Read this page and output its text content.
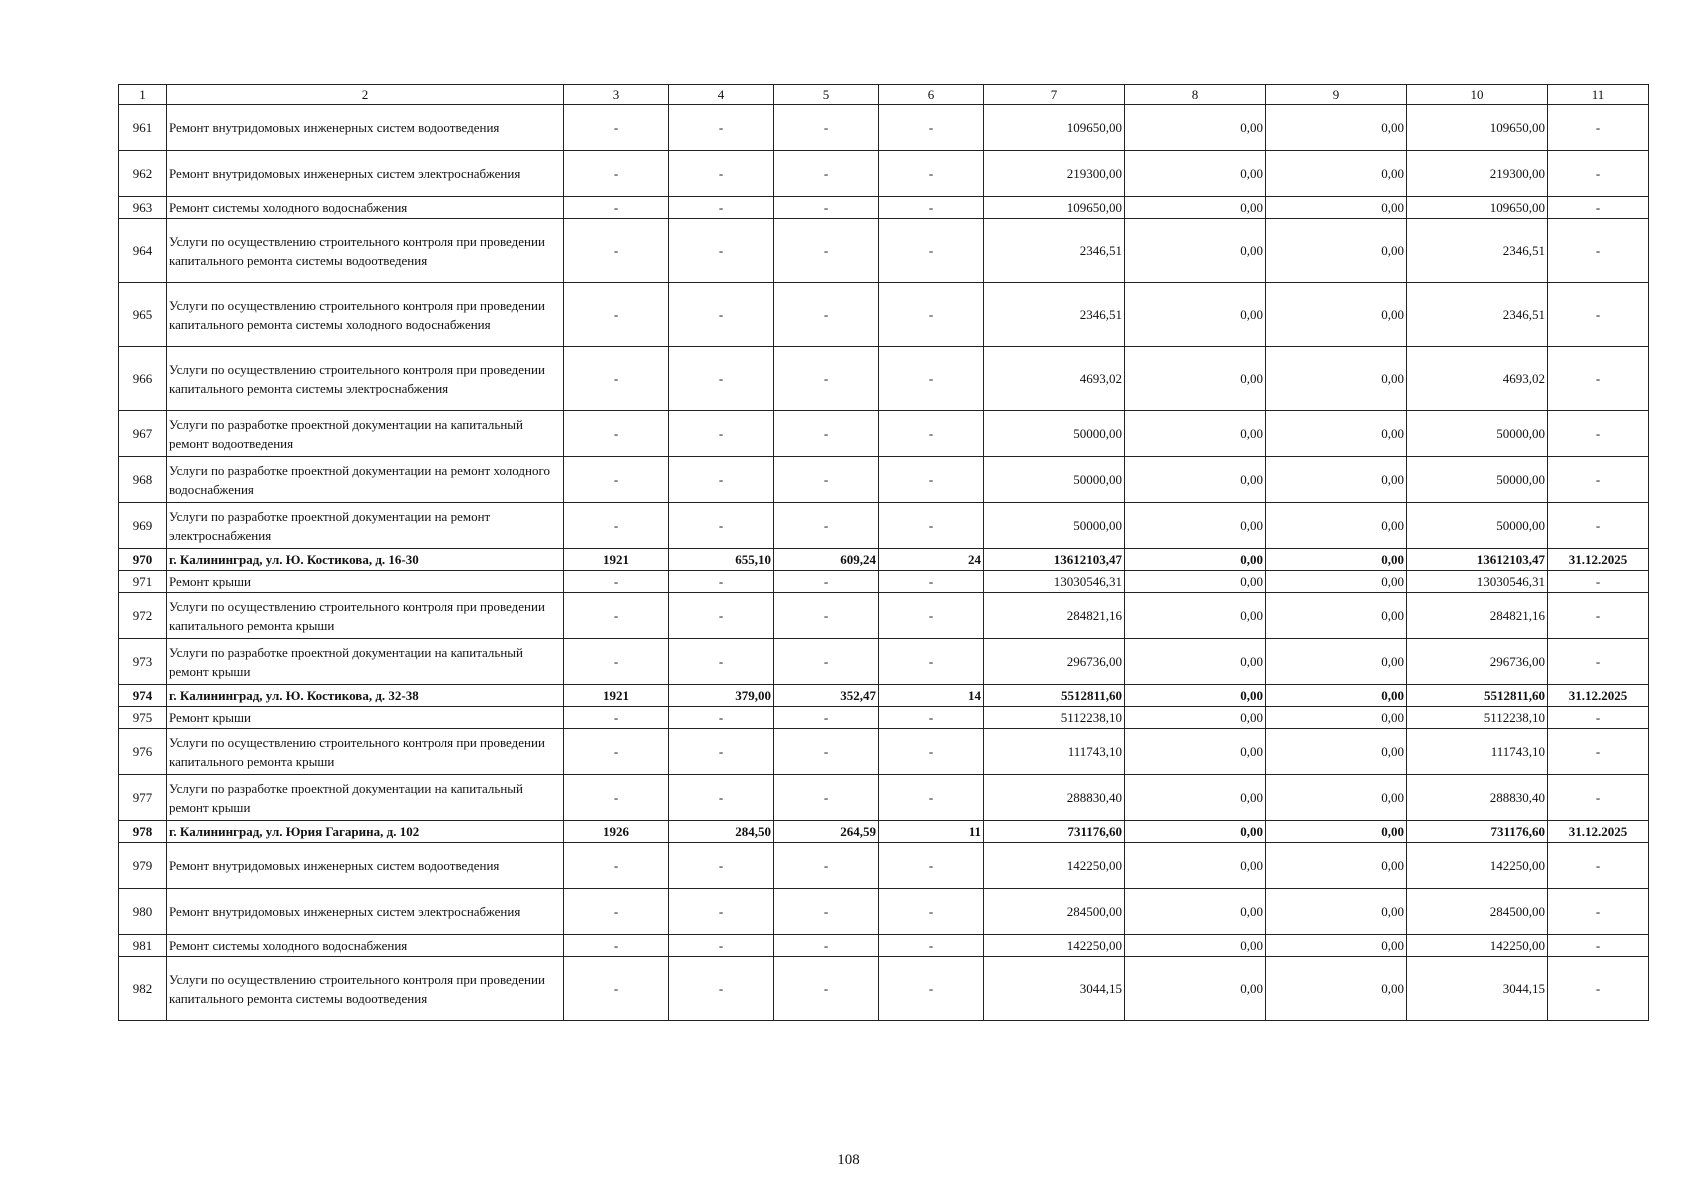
1	2	3	4	5	6	7	8	9	10	11
961	Ремонт внутридомовых инженерных систем водоотведения	-	-	-	-	109650,00	0,00	0,00	109650,00	-
962	Ремонт внутридомовых инженерных систем электроснабжения	-	-	-	-	219300,00	0,00	0,00	219300,00	-
963	Ремонт системы холодного водоснабжения	-	-	-	-	109650,00	0,00	0,00	109650,00	-
964	Услуги по осуществлению строительного контроля при проведении капитального ремонта системы водоотведения	-	-	-	-	2346,51	0,00	0,00	2346,51	-
965	Услуги по осуществлению строительного контроля при проведении капитального ремонта системы холодного водоснабжения	-	-	-	-	2346,51	0,00	0,00	2346,51	-
966	Услуги по осуществлению строительного контроля при проведении капитального ремонта системы электроснабжения	-	-	-	-	4693,02	0,00	0,00	4693,02	-
967	Услуги по разработке проектной документации на капитальный ремонт водоотведения	-	-	-	-	50000,00	0,00	0,00	50000,00	-
968	Услуги по разработке проектной документации на ремонт холодного водоснабжения	-	-	-	-	50000,00	0,00	0,00	50000,00	-
969	Услуги по разработке проектной документации на ремонт электроснабжения	-	-	-	-	50000,00	0,00	0,00	50000,00	-
970	г. Калининград, ул. Ю. Костикова, д. 16-30	1921	655,10	609,24	24	13612103,47	0,00	0,00	13612103,47	31.12.2025
971	Ремонт крыши	-	-	-	-	13030546,31	0,00	0,00	13030546,31	-
972	Услуги по осуществлению строительного контроля при проведении капитального ремонта крыши	-	-	-	-	284821,16	0,00	0,00	284821,16	-
973	Услуги по разработке проектной документации на капитальный ремонт крыши	-	-	-	-	296736,00	0,00	0,00	296736,00	-
974	г. Калининград, ул. Ю. Костикова, д. 32-38	1921	379,00	352,47	14	5512811,60	0,00	0,00	5512811,60	31.12.2025
975	Ремонт крыши	-	-	-	-	5112238,10	0,00	0,00	5112238,10	-
976	Услуги по осуществлению строительного контроля при проведении капитального ремонта крыши	-	-	-	-	111743,10	0,00	0,00	111743,10	-
977	Услуги по разработке проектной документации на капитальный ремонт крыши	-	-	-	-	288830,40	0,00	0,00	288830,40	-
978	г. Калининград, ул. Юрия Гагарина, д. 102	1926	284,50	264,59	11	731176,60	0,00	0,00	731176,60	31.12.2025
979	Ремонт внутридомовых инженерных систем водоотведения	-	-	-	-	142250,00	0,00	0,00	142250,00	-
980	Ремонт внутридомовых инженерных систем электроснабжения	-	-	-	-	284500,00	0,00	0,00	284500,00	-
981	Ремонт системы холодного водоснабжения	-	-	-	-	142250,00	0,00	0,00	142250,00	-
982	Услуги по осуществлению строительного контроля при проведении капитального ремонта системы водоотведения	-	-	-	-	3044,15	0,00	0,00	3044,15	-
108
